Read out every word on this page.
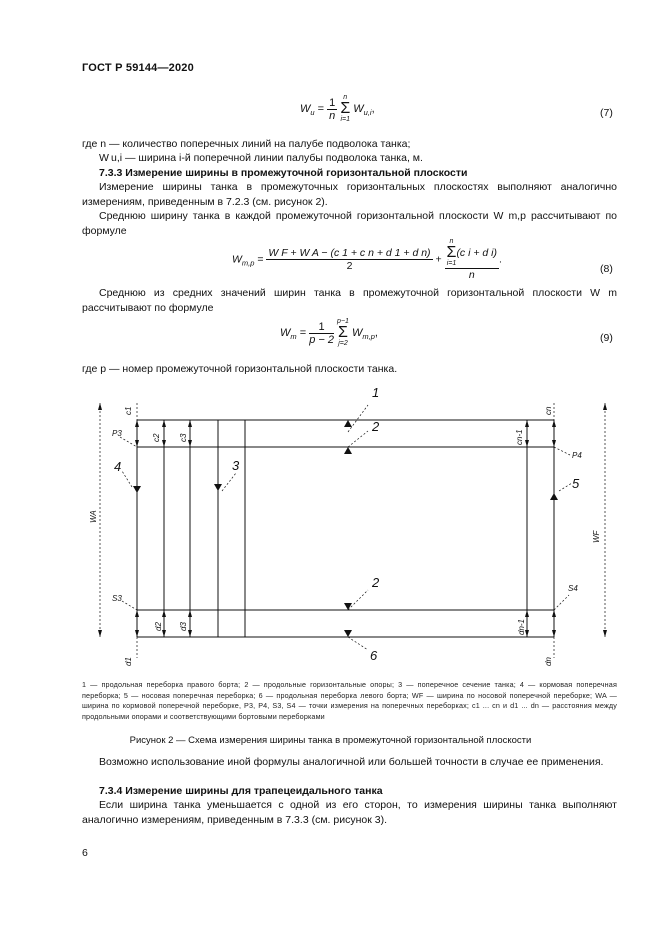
ГОСТ Р 59144—2020
$W_u = \frac{1}{n}$ n
Σ
i=1 $W_{u,i}$,	(7)

где n — количество поперечных линий на палубе подволока танка;

W u,i — ширина i-й поперечной линии палубы подволока танка, м.

7.3.3 Измерение ширины в промежуточной горизонтальной плоскости

Измерение ширины танка в промежуточных горизонтальных плоскостях выполняют аналогично измерениям, приведенным в 7.2.3 (см. рисунок 2).

Среднюю ширину танка в каждой промежуточной горизонтальной плоскости W m,p рассчитывают по формуле

$W_{m,p} = \frac{\text{W F + W A − (c 1 + c n + d 1 + d n)}}{2} + n$
Σ
i=1(c i + d i)
n .
(8)

Среднюю из средних значений ширин танка в промежуточной горизонтальной плоскости W m рассчитывают по формуле

$W_m = \frac{1}{p - 2} p-1$
Σ
j=2 $W_{m,p}$,	(9)

где p — номер промежуточной горизонтальной плоскости танка.

1
2
3
4
5
2
6
c1
c2 c3	cn-1
cn
d2 d3	dn-1
d1	dn
P3
P4
S3
S4
WA
WF
1 — продольная переборка правого борта; 2 — продольные горизонтальные опоры; 3 — поперечное сечение танка; 4 — кормовая поперечная переборка; 5 — носовая поперечная переборка; 6 — продольная переборка левого борта; WF — ширина по носовой поперечной переборке; WA — ширина по кормовой поперечной переборке, P3, P4, S3, S4 — точки измерения на поперечных переборках; c1 ... cn и d1 ... dn — расстояния между продольными опорами и соответствующими бортовыми переборками
Рисунок 2 — Схема измерения ширины танка в промежуточной горизонтальной плоскости

Возможно использование иной формулы аналогичной или большей точности в случае ее применения.

7.3.4 Измерение ширины для трапецеидального танка

Если ширина танка уменьшается с одной из его сторон, то измерения ширины танка выполняют аналогично измерениям, приведенным в 7.3.3 (см. рисунок 3).

6
